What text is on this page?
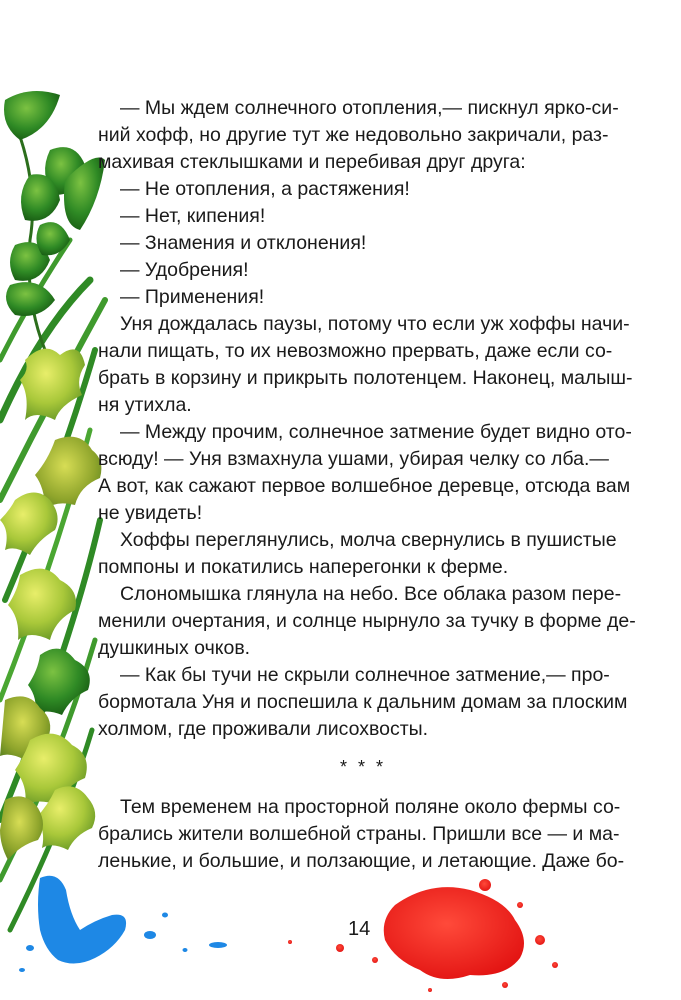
— Мы ждем солнечного отопления,— пискнул ярко-си-
ний хофф, но другие тут же недовольно закричали, раз-
махивая стеклышками и перебивая друг друга:
— Не отопления, а растяжения!
— Нет, кипения!
— Знамения и отклонения!
— Удобрения!
— Применения!
Уня дождалась паузы, потому что если уж хоффы начи-
нали пищать, то их невозможно прервать, даже если со-
брать в корзину и прикрыть полотенцем. Наконец, малыш-
ня утихла.
— Между прочим, солнечное затмение будет видно ото-
всюду! — Уня взмахнула ушами, убирая челку со лба.—
А вот, как сажают первое волшебное деревце, отсюда вам
не увидеть!
Хоффы переглянулись, молча свернулись в пушистые
помпоны и покатились наперегонки к ферме.
Слономышка глянула на небо. Все облака разом пере-
менили очертания, и солнце нырнуло за тучку в форме де-
душкиных очков.
— Как бы тучи не скрыли солнечное затмение,— про-
бормотала Уня и поспешила к дальним домам за плоским
холмом, где проживали лисохвосты.
* * *
Тем временем на просторной поляне около фермы со-
брались жители волшебной страны. Пришли все — и ма-
ленькие, и большие, и ползающие, и летающие. Даже бо-
14
